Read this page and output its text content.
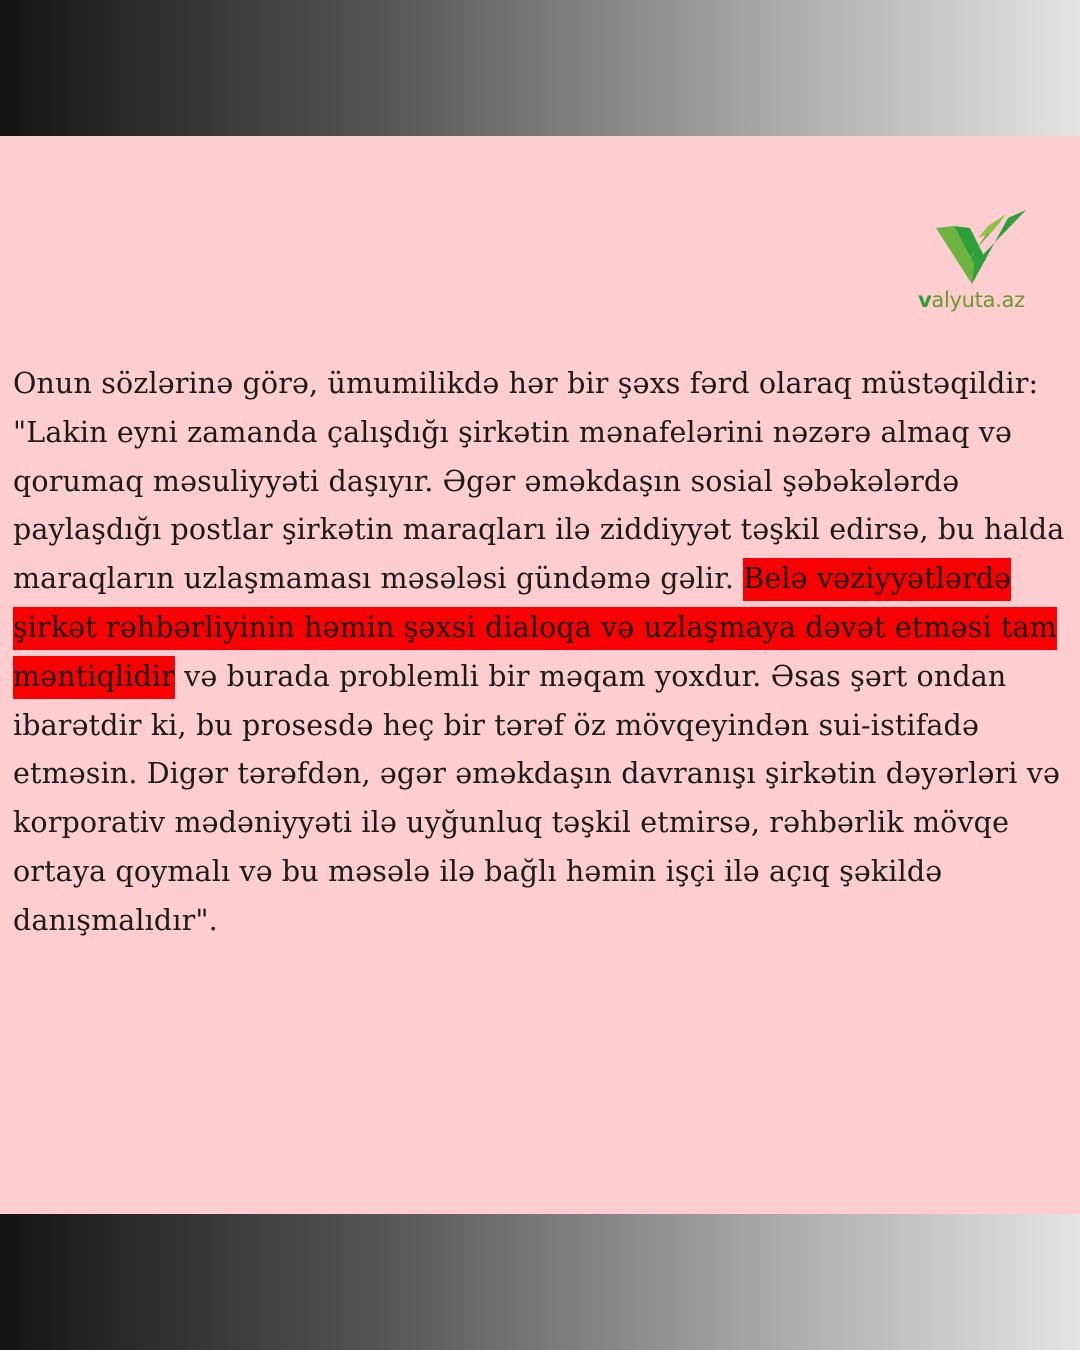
valyuta.az

Onun sözlərinə görə, ümumilikdə hər bir şəxs fərd olaraq müstəqildir: "Lakin eyni zamanda çalışdığı şirkətin mənafelərini nəzərə almaq və qorumaq məsuliyyəti daşıyır. Əgər əməkdaşın sosial şəbəkələrdə paylaşdığı postlar şirkətin maraqları ilə ziddiyyət təşkil edirsə, bu halda maraqların uzlaşmaması məsələsi gündəmə gəlir. Belə vəziyyətlərdə şirkət rəhbərliyinin həmin şəxsi dialoqa və uzlaşmaya dəvət etməsi tam məntiqlidir və burada problemli bir məqam yoxdur. Əsas şərt ondan ibarətdir ki, bu prosesdə heç bir tərəf öz mövqeyindən sui-istifadə etməsin. Digər tərəfdən, əgər əməkdaşın davranışı şirkətin dəyərləri və korporativ mədəniyyəti ilə uyğunluq təşkil etmirsə, rəhbərlik mövqe ortaya qoymalı və bu məsələ ilə bağlı həmin işçi ilə açıq şəkildə danışmalıdır".
